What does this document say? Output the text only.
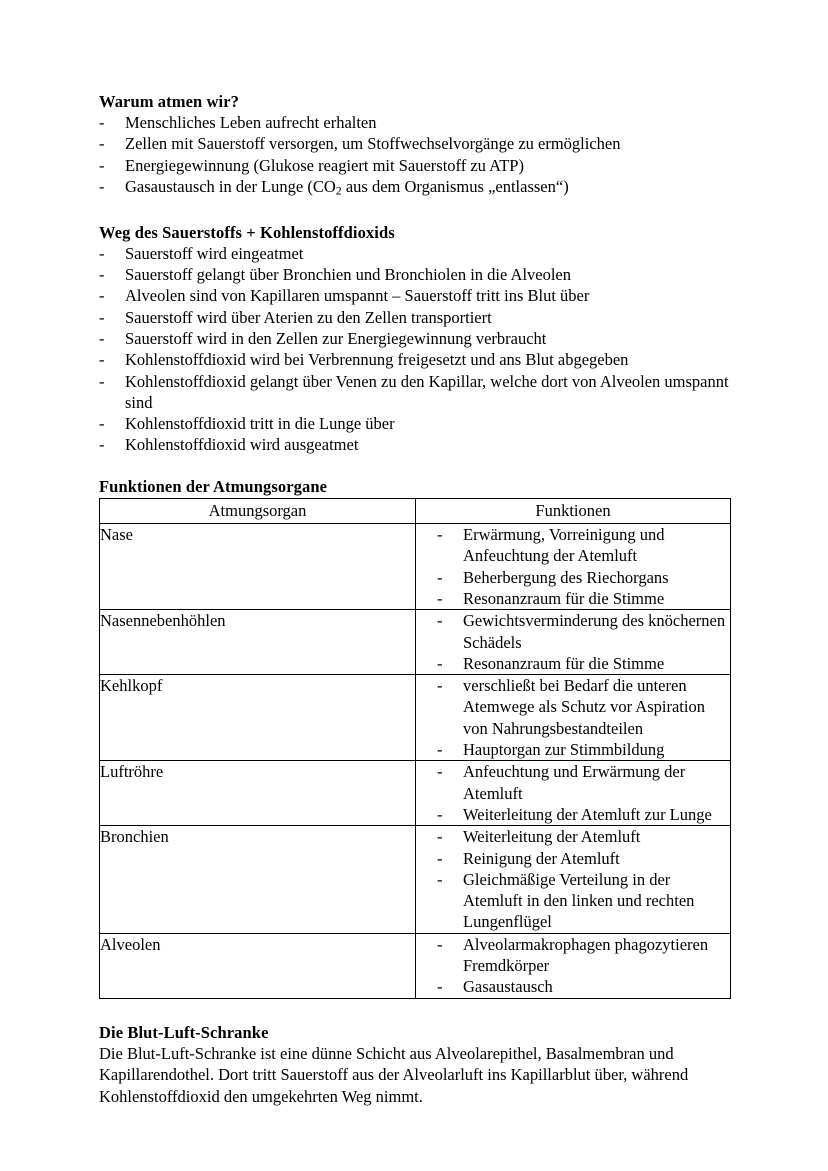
Warum atmen wir?
-	Menschliches Leben aufrecht erhalten
-	Zellen mit Sauerstoff versorgen, um Stoffwechselvorgänge zu ermöglichen
-	Energiegewinnung (Glukose reagiert mit Sauerstoff zu ATP)
-	Gasaustausch in der Lunge ($CO_2$ aus dem Organismus „entlassen“)
Weg des Sauerstoffs + Kohlenstoffdioxids
-	Sauerstoff wird eingeatmet
-	Sauerstoff gelangt über Bronchien und Bronchiolen in die Alveolen
-	Alveolen sind von Kapillaren umspannt – Sauerstoff tritt ins Blut über
-	Sauerstoff wird über Aterien zu den Zellen transportiert
-	Sauerstoff wird in den Zellen zur Energiegewinnung verbraucht
-	Kohlenstoffdioxid wird bei Verbrennung freigesetzt und ans Blut abgegeben
-	Kohlenstoffdioxid gelangt über Venen zu den Kapillar, welche dort von Alveolen umspannt sind
-	Kohlenstoffdioxid tritt in die Lunge über
-	Kohlenstoffdioxid wird ausgeatmet
Funktionen der Atmungsorgane
Atmungsorgan	Funktionen
Nase	-	Erwärmung, Vorreinigung und Anfeuchtung der Atemluft
-	Beherbergung des Riechorgans
-	Resonanzraum für die Stimme

Nasennebenhöhlen	-	Gewichtsverminderung des knöchernen Schädels
-	Resonanzraum für die Stimme

Kehlkopf	-	verschließt bei Bedarf die unteren Atemwege als Schutz vor Aspiration von Nahrungsbestandteilen
-	Hauptorgan zur Stimmbildung

Luftröhre	-	Anfeuchtung und Erwärmung der Atemluft
-	Weiterleitung der Atemluft zur Lunge

Bronchien	-	Weiterleitung der Atemluft
-	Reinigung der Atemluft
-	Gleichmäßige Verteilung in der Atemluft in den linken und rechten Lungenflügel

Alveolen	-	Alveolarmakrophagen phagozytieren Fremdkörper
-	Gasaustausch
Die Blut-Luft-Schranke

Die Blut-Luft-Schranke ist eine dünne Schicht aus Alveolarepithel, Basalmembran und Kapillarendothel. Dort tritt Sauerstoff aus der Alveolarluft ins Kapillarblut über, während Kohlenstoffdioxid den umgekehrten Weg nimmt.
